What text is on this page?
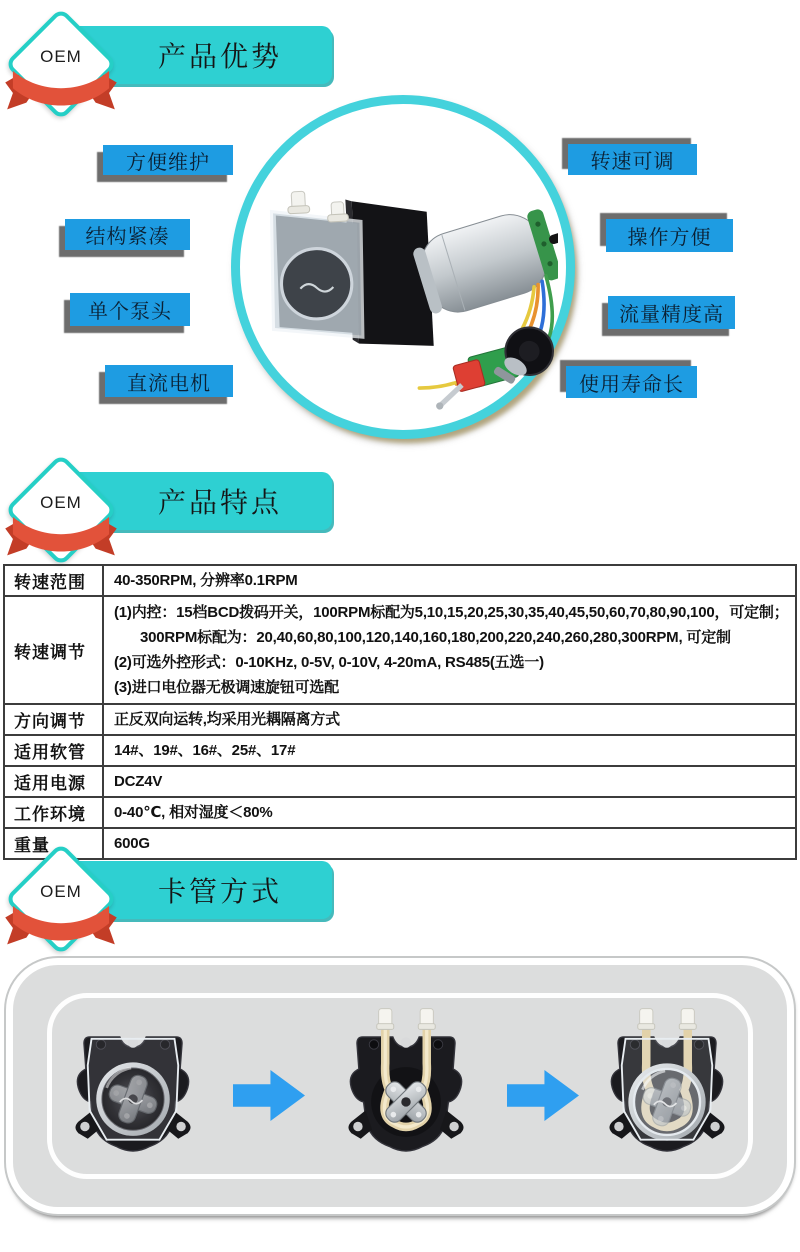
产品优势
OEM
方便维护
结构紧凑
单个泵头
直流电机
转速可调
操作方便
流量精度高
使用寿命长
产品特点
OEM
转速范围	40-350RPM, 分辨率0.1RPM

转速调节	(1)内控：15档BCD拨码开关，100RPM标配为5,10,15,20,25,30,35,40,45,50,60,70,80,90,100，可定制；
300RPM标配为：20,40,60,80,100,120,140,160,180,200,220,240,260,280,300RPM, 可定制
(2)可选外控形式：0-10KHz, 0-5V, 0-10V, 4-20mA, RS485(五选一)
(3)进口电位器无极调速旋钮可选配

方向调节	正反双向运转,均采用光耦隔离方式

适用软管	14#、19#、16#、25#、17#

适用电源	DCZ4V

工作环境	0-40℃, 相对湿度＜80%

重量	600G
卡管方式
OEM
